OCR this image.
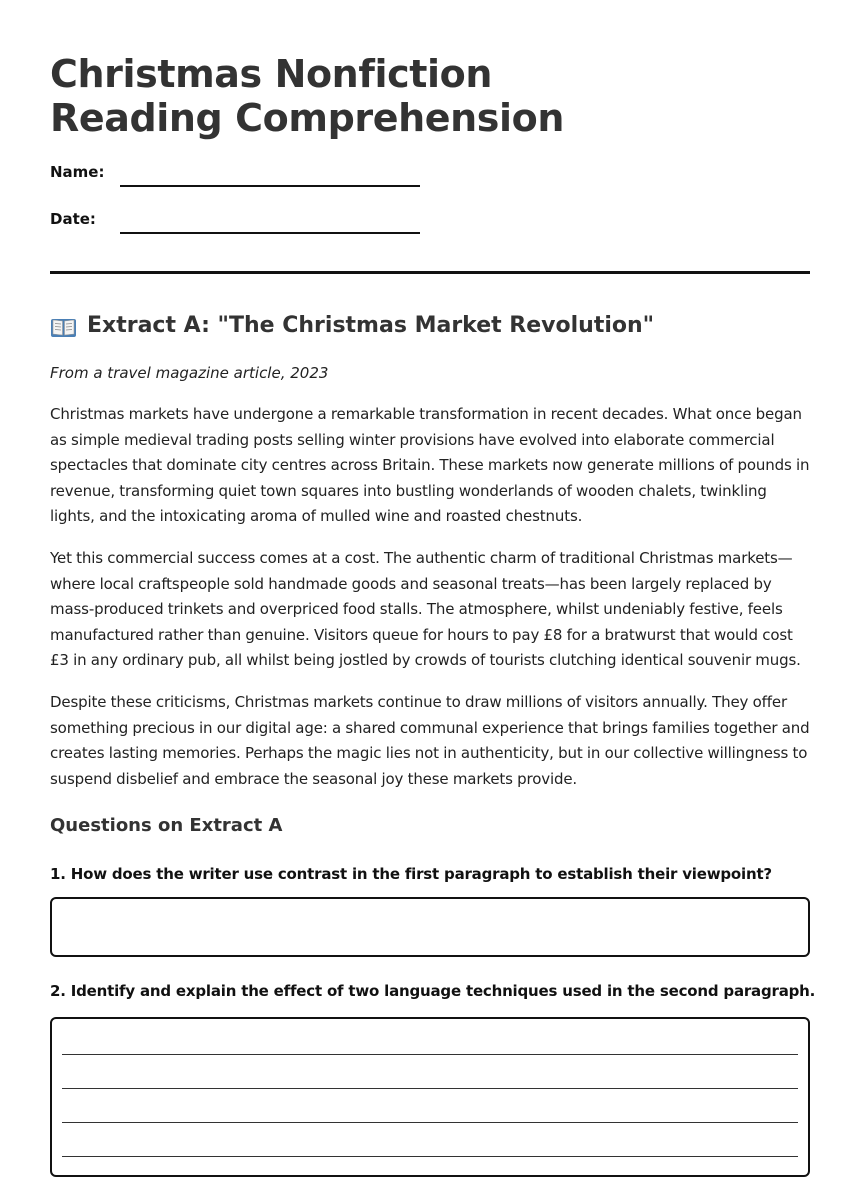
Christmas Nonfiction Reading Comprehension
Name:
Date:
Extract A: "The Christmas Market Revolution"

From a travel magazine article, 2023

Christmas markets have undergone a remarkable transformation in recent decades. What once began as simple medieval trading posts selling winter provisions have evolved into elaborate commercial spectacles that dominate city centres across Britain. These markets now generate millions of pounds in revenue, transforming quiet town squares into bustling wonderlands of wooden chalets, twinkling lights, and the intoxicating aroma of mulled wine and roasted chestnuts.

Yet this commercial success comes at a cost. The authentic charm of traditional Christmas markets—where local craftspeople sold handmade goods and seasonal treats—has been largely replaced by mass-produced trinkets and overpriced food stalls. The atmosphere, whilst undeniably festive, feels manufactured rather than genuine. Visitors queue for hours to pay £8 for a bratwurst that would cost £3 in any ordinary pub, all whilst being jostled by crowds of tourists clutching identical souvenir mugs.

Despite these criticisms, Christmas markets continue to draw millions of visitors annually. They offer something precious in our digital age: a shared communal experience that brings families together and creates lasting memories. Perhaps the magic lies not in authenticity, but in our collective willingness to suspend disbelief and embrace the seasonal joy these markets provide.

Questions on Extract A

1. How does the writer use contrast in the first paragraph to establish their viewpoint?

2. Identify and explain the effect of two language techniques used in the second paragraph.
